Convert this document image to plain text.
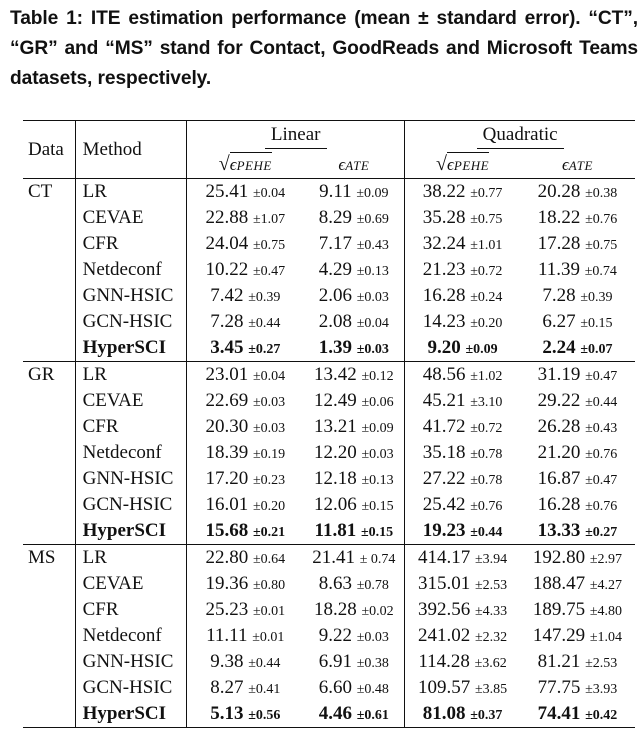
Table 1: ITE estimation performance (mean ± standard error). “CT”, “GR” and “MS” stand for Contact, GoodReads and Microsoft Teams datasets, respectively.
Data	Method	Linear		Quadratic	
		√ϵPEHE	ϵATE	√ϵPEHE	ϵATE
CT	LR	25.41 ±0.04	9.11 ±0.09	38.22 ±0.77	20.28 ±0.38
	CEVAE	22.88 ±1.07	8.29 ±0.69	35.28 ±0.75	18.22 ±0.76
	CFR	24.04 ±0.75	7.17 ±0.43	32.24 ±1.01	17.28 ±0.75
	Netdeconf	10.22 ±0.47	4.29 ±0.13	21.23 ±0.72	11.39 ±0.74
	GNN-HSIC	7.42 ±0.39	2.06 ±0.03	16.28 ±0.24	7.28 ±0.39
	GCN-HSIC	7.28 ±0.44	2.08 ±0.04	14.23 ±0.20	6.27 ±0.15
	HyperSCI	3.45 ±0.27	1.39 ±0.03	9.20 ±0.09	2.24 ±0.07
GR	LR	23.01 ±0.04	13.42 ±0.12	48.56 ±1.02	31.19 ±0.47
	CEVAE	22.69 ±0.03	12.49 ±0.06	45.21 ±3.10	29.22 ±0.44
	CFR	20.30 ±0.03	13.21 ±0.09	41.72 ±0.72	26.28 ±0.43
	Netdeconf	18.39 ±0.19	12.20 ±0.03	35.18 ±0.78	21.20 ±0.76
	GNN-HSIC	17.20 ±0.23	12.18 ±0.13	27.22 ±0.78	16.87 ±0.47
	GCN-HSIC	16.01 ±0.20	12.06 ±0.15	25.42 ±0.76	16.28 ±0.76
	HyperSCI	15.68 ±0.21	11.81 ±0.15	19.23 ±0.44	13.33 ±0.27
MS	LR	22.80 ±0.64	21.41 ± 0.74	414.17 ±3.94	192.80 ±2.97
	CEVAE	19.36 ±0.80	8.63 ±0.78	315.01 ±2.53	188.47 ±4.27
	CFR	25.23 ±0.01	18.28 ±0.02	392.56 ±4.33	189.75 ±4.80
	Netdeconf	11.11 ±0.01	9.22 ±0.03	241.02 ±2.32	147.29 ±1.04
	GNN-HSIC	9.38 ±0.44	6.91 ±0.38	114.28 ±3.62	81.21 ±2.53
	GCN-HSIC	8.27 ±0.41	6.60 ±0.48	109.57 ±3.85	77.75 ±3.93
	HyperSCI	5.13 ±0.56	4.46 ±0.61	81.08 ±0.37	74.41 ±0.42
